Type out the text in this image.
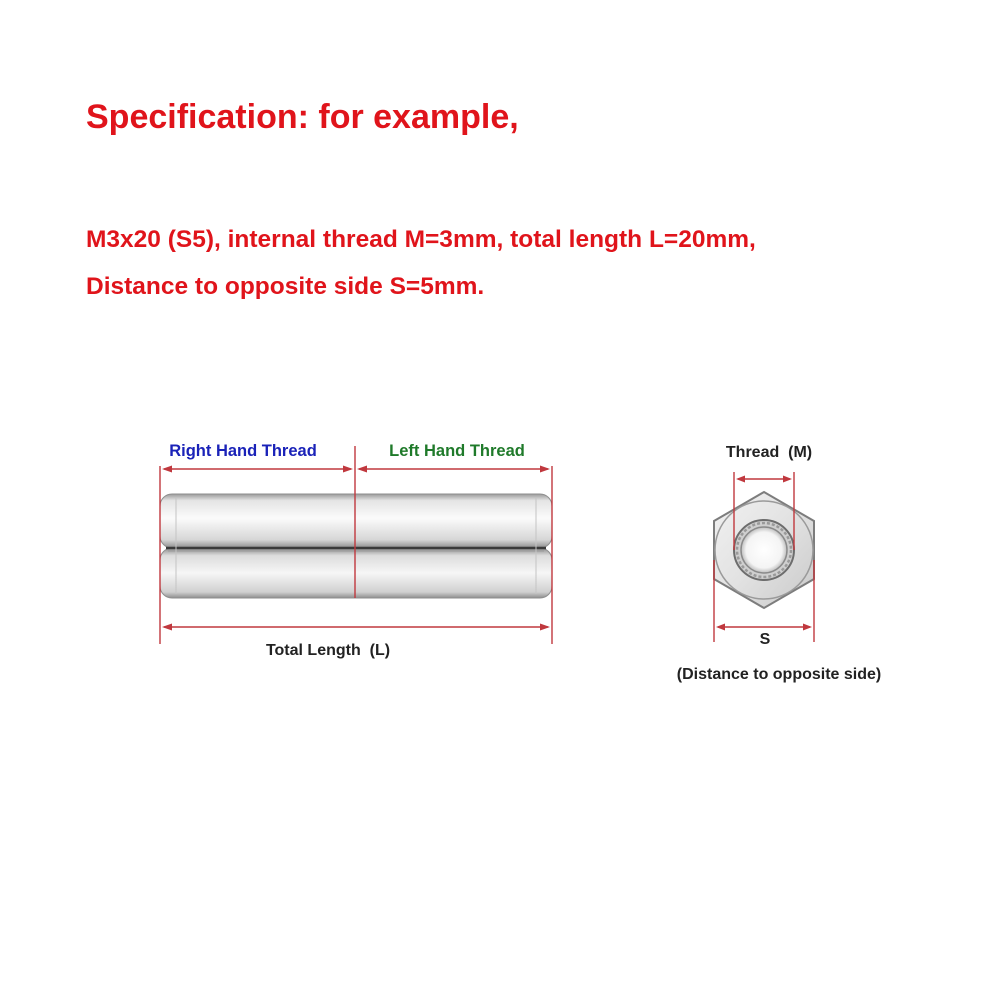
Specification: for example,
M3x20 (S5), internal thread M=3mm, total length L=20mm,
Distance to opposite side S=5mm.
Right Hand Thread	Left Hand Thread
Total Length  (L)
Thread  (M)
S
(Distance to opposite side)
